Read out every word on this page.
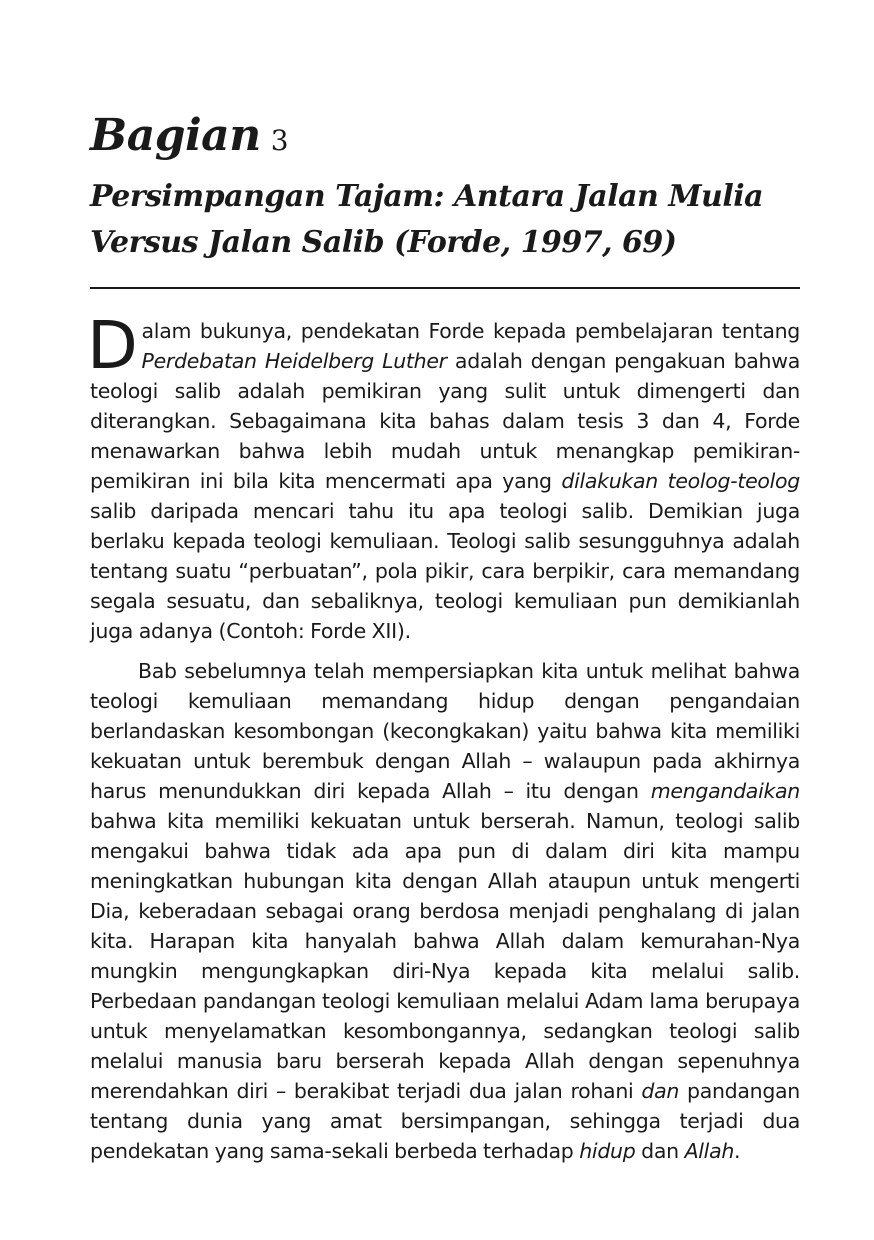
Bagian 3
Persimpangan Tajam: Antara Jalan Mulia Versus Jalan Salib (Forde, 1997, 69)

Dalam bukunya, pendekatan Forde kepada pembelajaran tentang Perdebatan Heidelberg Luther adalah dengan pengakuan bahwa teologi salib adalah pemikiran yang sulit untuk dimengerti dan diterangkan. Sebagaimana kita bahas dalam tesis 3 dan 4, Forde menawarkan bahwa lebih mudah untuk menangkap pemikiran-pemikiran ini bila kita mencermati apa yang dilakukan teolog-teolog salib daripada mencari tahu itu apa teologi salib. Demikian juga berlaku kepada teologi kemuliaan. Teologi salib sesungguhnya adalah tentang suatu “perbuatan”, pola pikir, cara berpikir, cara memandang segala sesuatu, dan sebaliknya, teologi kemuliaan pun demikianlah juga adanya (Contoh: Forde XII).

Bab sebelumnya telah mempersiapkan kita untuk melihat bahwa teologi kemuliaan memandang hidup dengan pengandaian berlandaskan kesombongan (kecongkakan) yaitu bahwa kita memiliki kekuatan untuk berembuk dengan Allah – walaupun pada akhirnya harus menundukkan diri kepada Allah – itu dengan mengandaikan bahwa kita memiliki kekuatan untuk berserah. Namun, teologi salib mengakui bahwa tidak ada apa pun di dalam diri kita mampu meningkatkan hubungan kita dengan Allah ataupun untuk mengerti Dia, keberadaan sebagai orang berdosa menjadi penghalang di jalan kita. Harapan kita hanyalah bahwa Allah dalam kemurahan-Nya mungkin mengungkapkan diri-Nya kepada kita melalui salib. Perbedaan pandangan teologi kemuliaan melalui Adam lama berupaya untuk menyelamatkan kesombongannya, sedangkan teologi salib melalui manusia baru berserah kepada Allah dengan sepenuhnya merendahkan diri – berakibat terjadi dua jalan rohani dan pandangan tentang dunia yang amat bersimpangan, sehingga terjadi dua pendekatan yang sama-sekali berbeda terhadap hidup dan Allah.
